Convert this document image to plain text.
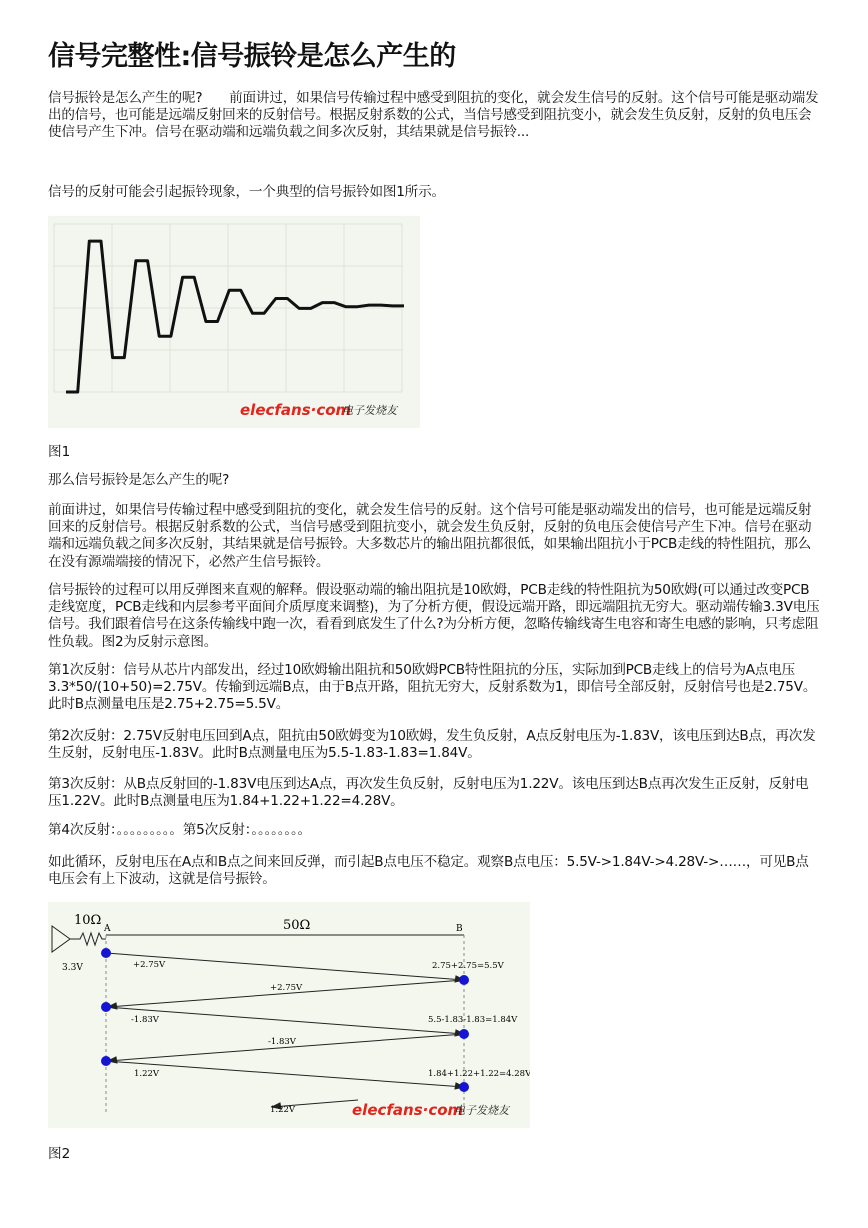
信号完整性:信号振铃是怎么产生的

信号振铃是怎么产生的呢?　　前面讲过，如果信号传输过程中感受到阻抗的变化，就会发生信号的反射。这个信号可能是驱动端发出的信号，也可能是远端反射回来的反射信号。根据反射系数的公式，当信号感受到阻抗变小，就会发生负反射，反射的负电压会使信号产生下冲。信号在驱动端和远端负载之间多次反射，其结果就是信号振铃...

信号的反射可能会引起振铃现象，一个典型的信号振铃如图1所示。

elecfans·com
电子发烧友
图1

那么信号振铃是怎么产生的呢?

前面讲过，如果信号传输过程中感受到阻抗的变化，就会发生信号的反射。这个信号可能是驱动端发出的信号，也可能是远端反射回来的反射信号。根据反射系数的公式，当信号感受到阻抗变小，就会发生负反射，反射的负电压会使信号产生下冲。信号在驱动端和远端负载之间多次反射，其结果就是信号振铃。大多数芯片的输出阻抗都很低，如果输出阻抗小于PCB走线的特性阻抗，那么在没有源端端接的情况下，必然产生信号振铃。

信号振铃的过程可以用反弹图来直观的解释。假设驱动端的输出阻抗是10欧姆，PCB走线的特性阻抗为50欧姆(可以通过改变PCB走线宽度，PCB走线和内层参考平面间介质厚度来调整)，为了分析方便，假设远端开路，即远端阻抗无穷大。驱动端传输3.3V电压信号。我们跟着信号在这条传输线中跑一次，看看到底发生了什么?为分析方便，忽略传输线寄生电容和寄生电感的影响，只考虑阻性负载。图2为反射示意图。

第1次反射：信号从芯片内部发出，经过10欧姆输出阻抗和50欧姆PCB特性阻抗的分压，实际加到PCB走线上的信号为A点电压3.3*50/(10+50)=2.75V。传输到远端B点，由于B点开路，阻抗无穷大，反射系数为1，即信号全部反射，反射信号也是2.75V。此时B点测量电压是2.75+2.75=5.5V。

第2次反射：2.75V反射电压回到A点，阻抗由50欧姆变为10欧姆，发生负反射，A点反射电压为-1.83V，该电压到达B点，再次发生反射，反射电压-1.83V。此时B点测量电压为5.5-1.83-1.83=1.84V。

第3次反射：从B点反射回的-1.83V电压到达A点，再次发生负反射，反射电压为1.22V。该电压到达B点再次发生正反射，反射电压1.22V。此时B点测量电压为1.84+1.22+1.22=4.28V。

第4次反射：。。。。。。。。。第5次反射：。。。。。。。。

如此循环，反射电压在A点和B点之间来回反弹，而引起B点电压不稳定。观察B点电压：5.5V->1.84V->4.28V->……，可见B点电压会有上下波动，这就是信号振铃。

10Ω
A	B
50Ω
3.3V	+2.75V	2.75+2.75=5.5V
+2.75V
-1.83V	5.5-1.83-1.83=1.84V
-1.83V
1.22V	1.84+1.22+1.22=4.28V
1.22V	elecfans·com
电子发烧友
图2
